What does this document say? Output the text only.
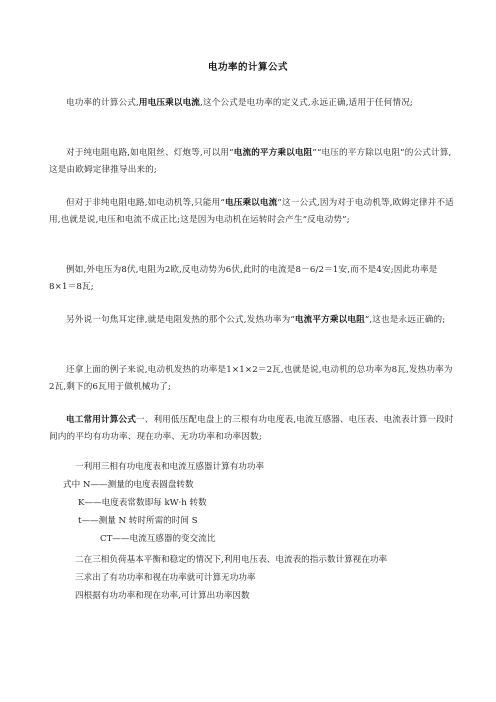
电功率的计算公式
电功率的计算公式,用电压乘以电流,这个公式是电功率的定义式,永远正确,适用于任何情况;
对于纯电阻电路,如电阻丝、灯炮等,可以用“电流的平方乘以电阻”“电压的平方除以电阻”的公式计算,这是由欧姆定律推导出来的;
但对于非纯电阻电路,如电动机等,只能用“电压乘以电流”这一公式,因为对于电动机等,欧姆定律并不适用,也就是说,电压和电流不成正比;这是因为电动机在运转时会产生“反电动势”;
例如,外电压为8伏,电阻为2欧,反电动势为6伏,此时的电流是8－6/2＝1安,而不是4安;因此功率是8×1＝8瓦;
另外说一句焦耳定律,就是电阻发热的那个公式,发热功率为“电流平方乘以电阻”,这也是永远正确的;
还拿上面的例子来说,电动机发热的功率是1×1×2＝2瓦,也就是说,电动机的总功率为8瓦,发热功率为2瓦,剩下的6瓦用于做机械功了;
电工常用计算公式一、利用低压配电盘上的三根有功电度表,电流互感器、电压表、电流表计算一段时间内的平均有功功率、现在功率、无功功率和功率因数;
一利用三相有功电度表和电流互感器计算有功功率
式中 N——测量的电度表圆盘转数
K——电度表常数即每 kW·h 转数
t——测量 N 转时所需的时间 S
CT——电流互感器的变交流比
二在三相负荷基本平衡和稳定的情况下,利用电压表、电流表的指示数计算视在功率
三求出了有功功率和视在功率就可计算无功功率
四根据有功功率和现在功率,可计算出功率因数
